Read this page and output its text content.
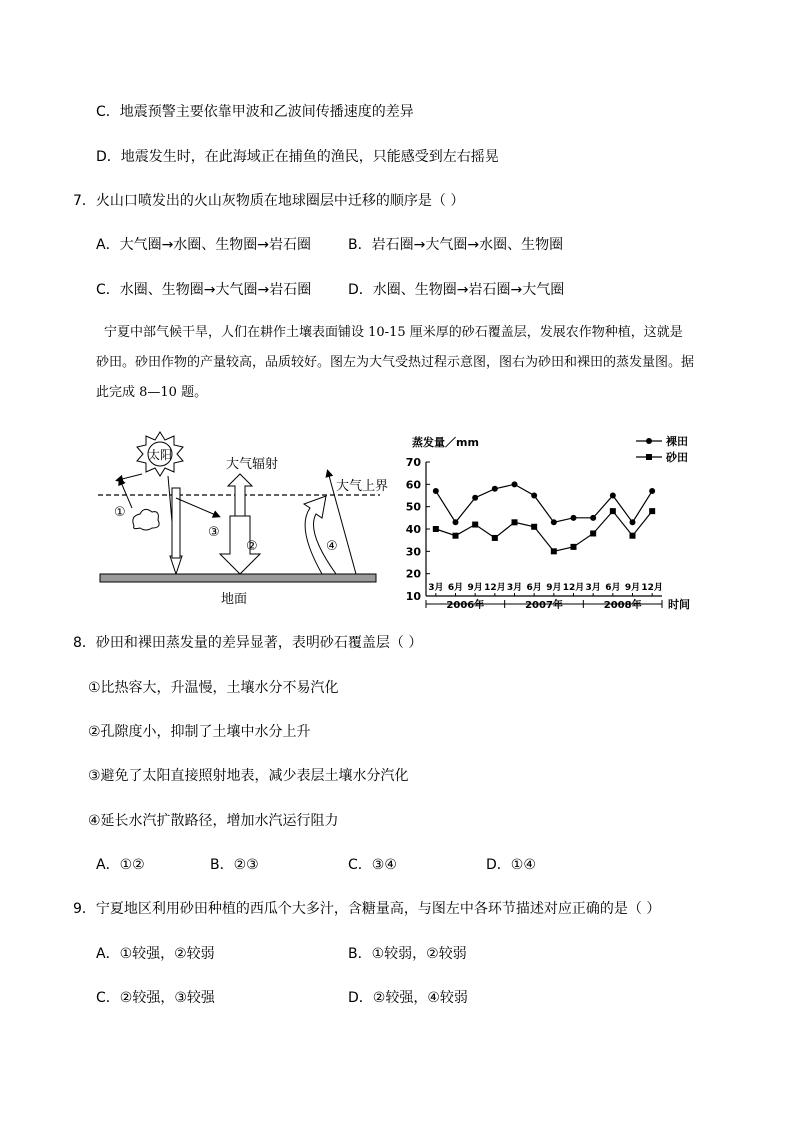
C．地震预警主要依靠甲波和乙波间传播速度的差异
D．地震发生时，在此海域正在捕鱼的渔民，只能感受到左右摇晃
7．火山口喷发出的火山灰物质在地球圈层中迁移的顺序是（ ）
A．大气圈→水圈、生物圈→岩石圈	B．岩石圈→大气圈→水圈、生物圈
C．水圈、生物圈→大气圈→岩石圈	D．水圈、生物圈→岩石圈→大气圈
宁夏中部气候干旱，人们在耕作土壤表面铺设 10-15 厘米厚的砂石覆盖层，发展农作物种植，这就是
砂田。砂田作物的产量较高，品质较好。图左为大气受热过程示意图，图右为砂田和裸田的蒸发量图。据
此完成 8—10 题。
太阳
大气上界
①
③
大气辐射
②	④
地面
蒸发量／mm	裸田
砂田
10
20
30
40
50
60
70
3月 6月 9月 12月 3月 6月 9月 12月 3月 6月 9月 12月
2006年	2007年	2008年 时间
8．砂田和裸田蒸发量的差异显著，表明砂石覆盖层（ ）
①比热容大，升温慢，土壤水分不易汽化
②孔隙度小，抑制了土壤中水分上升
③避免了太阳直接照射地表，减少表层土壤水分汽化
④延长水汽扩散路径，增加水汽运行阻力
A．①②	B．②③	C．③④	D．①④
9．宁夏地区利用砂田种植的西瓜个大多汁，含糖量高，与图左中各环节描述对应正确的是（ ）
A．①较强，②较弱	B．①较弱，②较弱
C．②较强，③较强	D．②较强，④较弱
